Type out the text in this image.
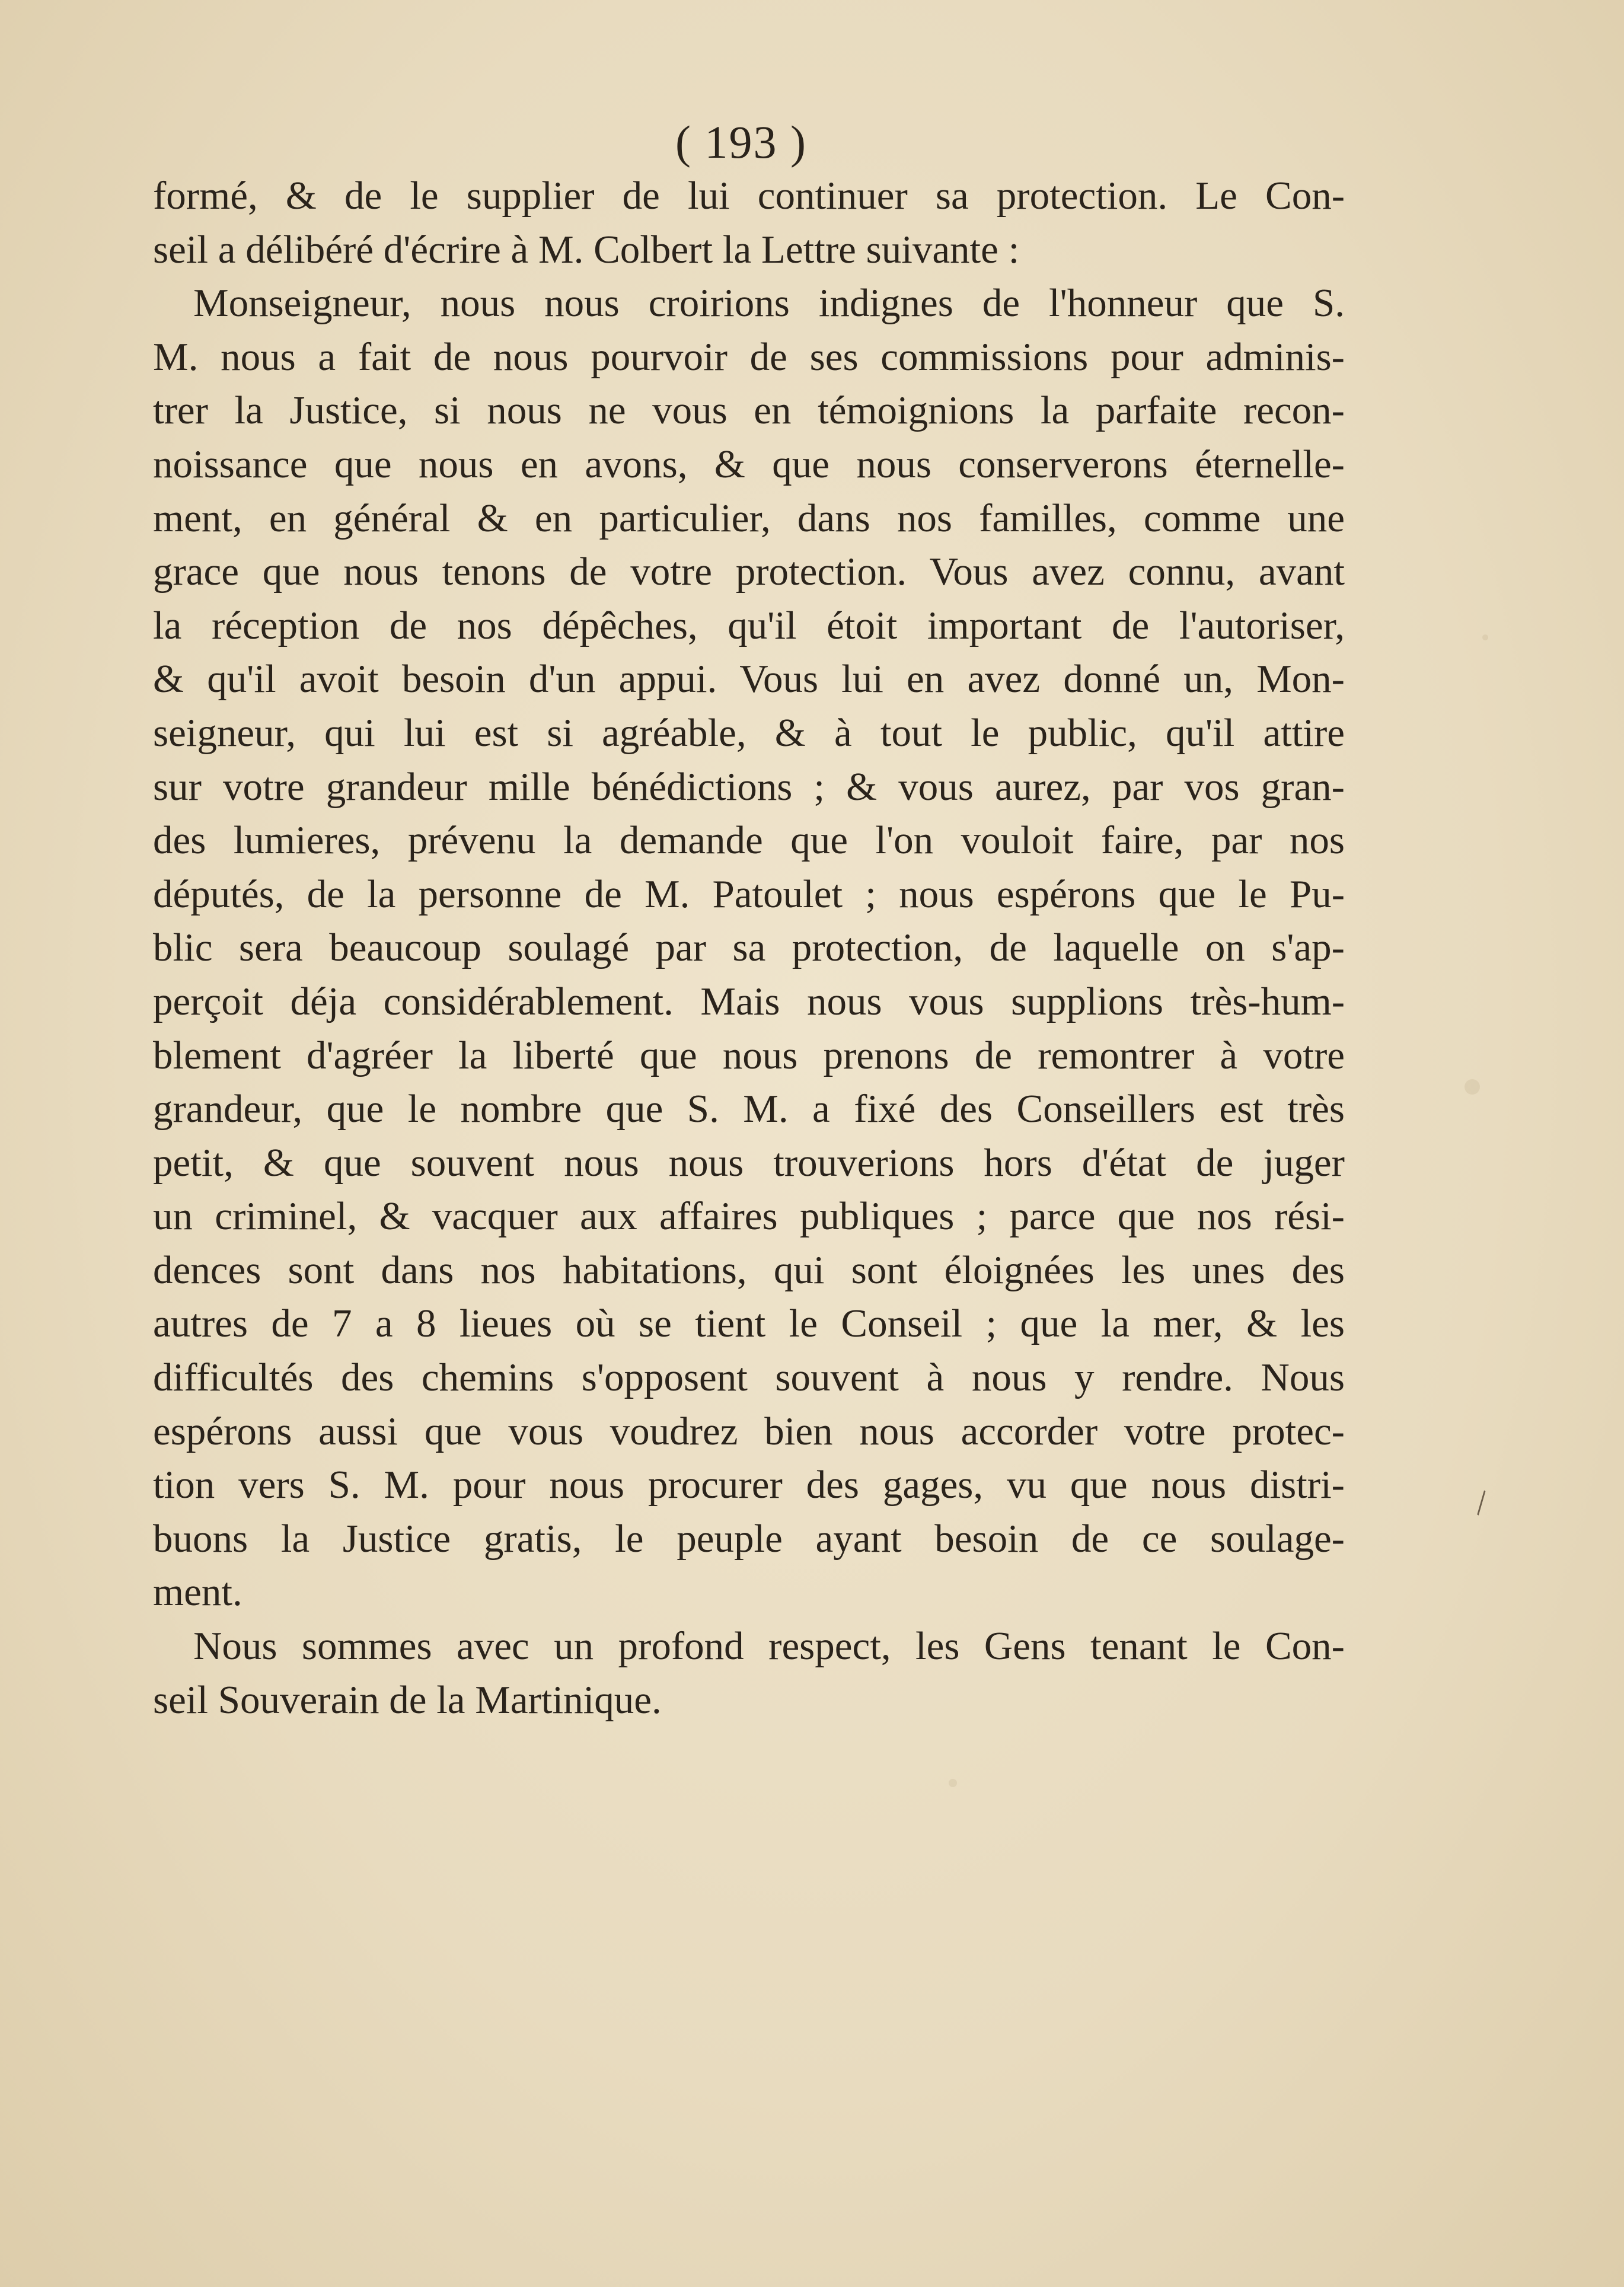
( 193 )
formé, & de le supplier de lui continuer sa protection. Le Con-
seil a délibéré d'écrire à M. Colbert la Lettre suivante :
Monseigneur, nous nous croirions indignes de l'honneur que S.
M. nous a fait de nous pourvoir de ses commissions pour adminis-
trer la Justice, si nous ne vous en témoignions la parfaite recon-
noissance que nous en avons, & que nous conserverons éternelle-
ment, en général & en particulier, dans nos familles, comme une
grace que nous tenons de votre protection. Vous avez connu, avant
la réception de nos dépêches, qu'il étoit important de l'autoriser,
& qu'il avoit besoin d'un appui. Vous lui en avez donné un, Mon-
seigneur, qui lui est si agréable, & à tout le public, qu'il attire
sur votre grandeur mille bénédictions ; & vous aurez, par vos gran-
des lumieres, prévenu la demande que l'on vouloit faire, par nos
députés, de la personne de M. Patoulet ; nous espérons que le Pu-
blic sera beaucoup soulagé par sa protection, de laquelle on s'ap-
perçoit déja considérablement. Mais nous vous supplions très-hum-
blement d'agréer la liberté que nous prenons de remontrer à votre
grandeur, que le nombre que S. M. a fixé des Conseillers est très
petit, & que souvent nous nous trouverions hors d'état de juger
un criminel, & vacquer aux affaires publiques ; parce que nos rési-
dences sont dans nos habitations, qui sont éloignées les unes des
autres de 7 a 8 lieues où se tient le Conseil ; que la mer, & les
difficultés des chemins s'opposent souvent à nous y rendre. Nous
espérons aussi que vous voudrez bien nous accorder votre protec-
tion vers S. M. pour nous procurer des gages, vu que nous distri-
buons la Justice gratis, le peuple ayant besoin de ce soulage-
ment.
Nous sommes avec un profond respect, les Gens tenant le Con-
seil Souverain de la Martinique.
\
